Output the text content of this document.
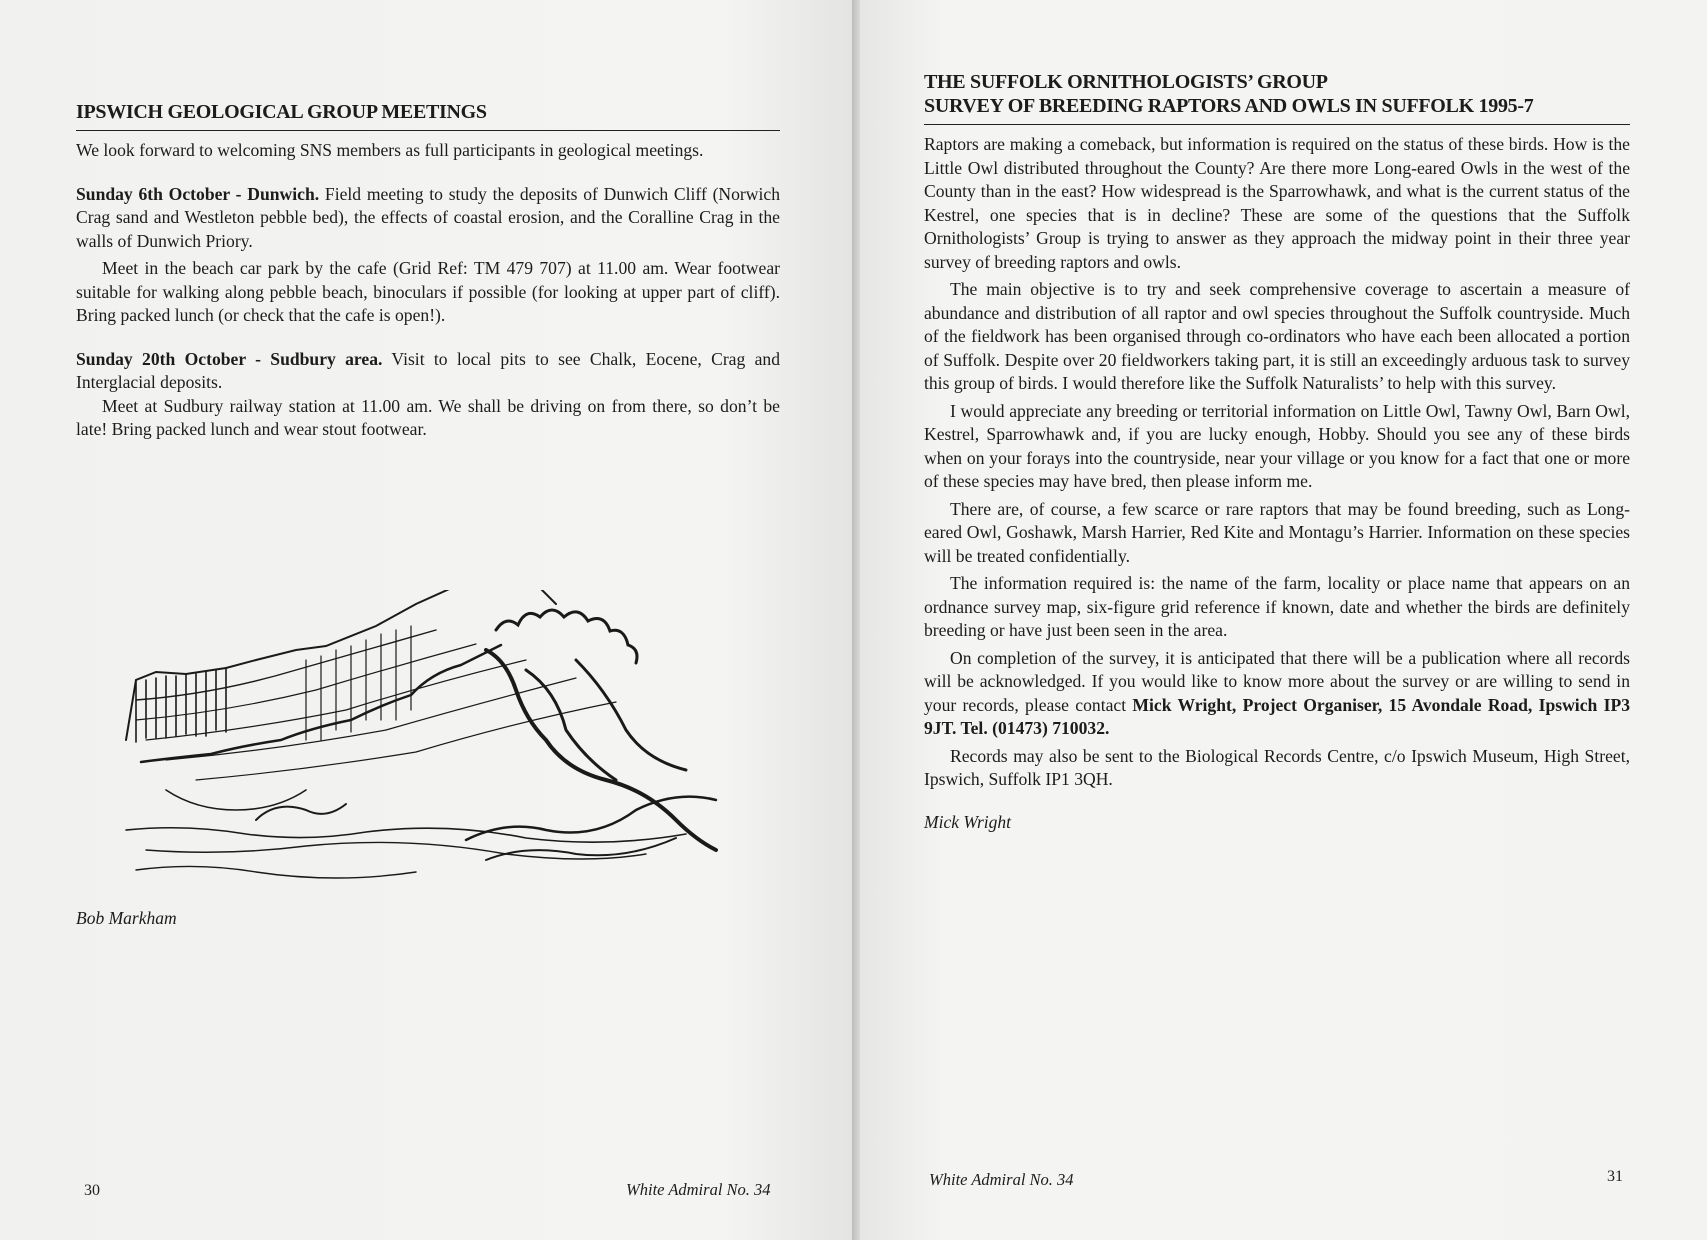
IPSWICH GEOLOGICAL GROUP MEETINGS

We look forward to welcoming SNS members as full participants in geological meetings.

Sunday 6th October - Dunwich. Field meeting to study the deposits of Dunwich Cliff (Norwich Crag sand and Westleton pebble bed), the effects of coastal erosion, and the Coralline Crag in the walls of Dunwich Priory.

Meet in the beach car park by the cafe (Grid Ref: TM 479 707) at 11.00 am. Wear footwear suitable for walking along pebble beach, binoculars if possible (for looking at upper part of cliff). Bring packed lunch (or check that the cafe is open!).

Sunday 20th October - Sudbury area. Visit to local pits to see Chalk, Eocene, Crag and Interglacial deposits.

Meet at Sudbury railway station at 11.00 am. We shall be driving on from there, so don’t be late! Bring packed lunch and wear stout footwear.

Bob Markham
30	White Admiral No. 34
THE SUFFOLK ORNITHOLOGISTS’ GROUP
SURVEY OF BREEDING RAPTORS AND OWLS IN SUFFOLK 1995-7

Raptors are making a comeback, but information is required on the status of these birds. How is the Little Owl distributed throughout the County? Are there more Long-eared Owls in the west of the County than in the east? How widespread is the Sparrowhawk, and what is the current status of the Kestrel, one species that is in decline? These are some of the questions that the Suffolk Ornithologists’ Group is trying to answer as they approach the midway point in their three year survey of breeding raptors and owls.

The main objective is to try and seek comprehensive coverage to ascertain a measure of abundance and distribution of all raptor and owl species throughout the Suffolk countryside. Much of the fieldwork has been organised through co-ordinators who have each been allocated a portion of Suffolk. Despite over 20 fieldworkers taking part, it is still an exceedingly arduous task to survey this group of birds. I would therefore like the Suffolk Naturalists’ to help with this survey.

I would appreciate any breeding or territorial information on Little Owl, Tawny Owl, Barn Owl, Kestrel, Sparrowhawk and, if you are lucky enough, Hobby. Should you see any of these birds when on your forays into the countryside, near your village or you know for a fact that one or more of these species may have bred, then please inform me.

There are, of course, a few scarce or rare raptors that may be found breeding, such as Long-eared Owl, Goshawk, Marsh Harrier, Red Kite and Montagu’s Harrier. Information on these species will be treated confidentially.

The information required is: the name of the farm, locality or place name that appears on an ordnance survey map, six-figure grid reference if known, date and whether the birds are definitely breeding or have just been seen in the area.

On completion of the survey, it is anticipated that there will be a publication where all records will be acknowledged. If you would like to know more about the survey or are willing to send in your records, please contact Mick Wright, Project Organiser, 15 Avondale Road, Ipswich IP3 9JT. Tel. (01473) 710032.

Records may also be sent to the Biological Records Centre, c/o Ipswich Museum, High Street, Ipswich, Suffolk IP1 3QH.

Mick Wright
White Admiral No. 34	31
